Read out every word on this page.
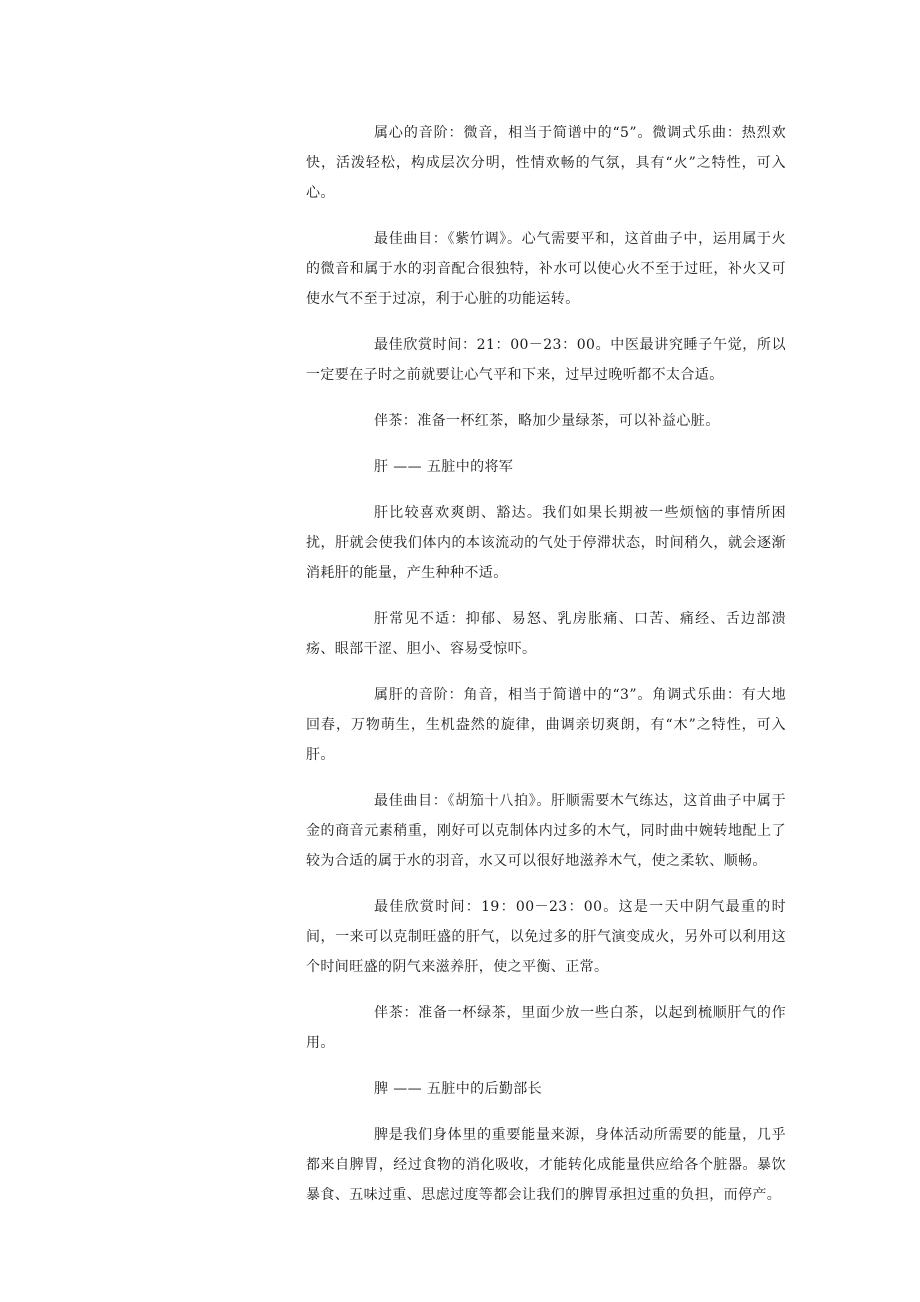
属心的音阶：微音，相当于简谱中的“5”。微调式乐曲：热烈欢快，活泼轻松，构成层次分明，性情欢畅的气氛，具有“火”之特性，可入心。

最佳曲目：《紫竹调》。心气需要平和，这首曲子中，运用属于火的微音和属于水的羽音配合很独特，补水可以使心火不至于过旺，补火又可使水气不至于过凉，利于心脏的功能运转。

最佳欣赏时间：21：00－23：00。中医最讲究睡子午觉，所以一定要在子时之前就要让心气平和下来，过早过晚听都不太合适。

伴茶：准备一杯红茶，略加少量绿茶，可以补益心脏。

肝 —— 五脏中的将军

肝比较喜欢爽朗、豁达。我们如果长期被一些烦恼的事情所困扰，肝就会使我们体内的本该流动的气处于停滞状态，时间稍久，就会逐渐消耗肝的能量，产生种种不适。

肝常见不适：抑郁、易怒、乳房胀痛、口苦、痛经、舌边部溃疡、眼部干涩、胆小、容易受惊吓。

属肝的音阶：角音，相当于简谱中的“3”。角调式乐曲：有大地回春，万物萌生，生机盎然的旋律，曲调亲切爽朗，有“木”之特性，可入肝。

最佳曲目：《胡笳十八拍》。肝顺需要木气练达，这首曲子中属于金的商音元素稍重，刚好可以克制体内过多的木气，同时曲中婉转地配上了较为合适的属于水的羽音，水又可以很好地滋养木气，使之柔软、顺畅。

最佳欣赏时间：19：00－23：00。这是一天中阴气最重的时间，一来可以克制旺盛的肝气，以免过多的肝气演变成火，另外可以利用这个时间旺盛的阴气来滋养肝，使之平衡、正常。

伴茶：准备一杯绿茶，里面少放一些白茶，以起到梳顺肝气的作用。

脾 —— 五脏中的后勤部长

脾是我们身体里的重要能量来源，身体活动所需要的能量，几乎都来自脾胃，经过食物的消化吸收，才能转化成能量供应给各个脏器。暴饮暴食、五味过重、思虑过度等都会让我们的脾胃承担过重的负担，而停产。
